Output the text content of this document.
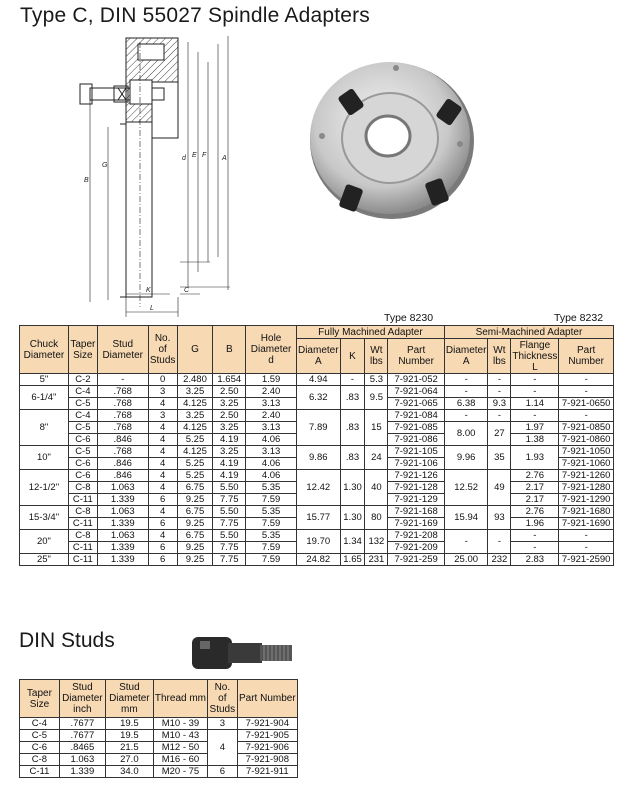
Type C, DIN 55027 Spindle Adapters
B
G
d E F A
K	C
L
Type 8230	Type 8232
Chuck Diameter	Taper Size	Stud Diameter	No. of Studs	G	B	Hole Diameter d	Fully Machined Adapter				Semi-Machined Adapter			
							Diameter A	K	Wt lbs	Part Number	Diameter A	Wt lbs	Flange Thickness L	Part Number
5"	C-2	-	0	2.480	1.654	1.59	4.94	-	5.3	7-921-052	-	-	-	-
6-1/4"	C-4	.768	3	3.25	2.50	2.40	6.32	.83	9.5	7-921-064	-	-	-	-
	C-5	.768	4	4.125	3.25	3.13				7-921-065	6.38	9.3	1.14	7-921-0650
8"	C-4	.768	3	3.25	2.50	2.40	7.89	.83	15	7-921-084	-	-	-	-
	C-5	.768	4	4.125	3.25	3.13				7-921-085	8.00	27	1.97	7-921-0850
	C-6	.846	4	5.25	4.19	4.06				7-921-086			1.38	7-921-0860
10"	C-5	.768	4	4.125	3.25	3.13	9.86	.83	24	7-921-105	9.96	35	1.93	7-921-1050
	C-6	.846	4	5.25	4.19	4.06				7-921-106				7-921-1060
12-1/2"	C-6	.846	4	5.25	4.19	4.06	12.42	1.30	40	7-921-126	12.52	49	2.76	7-921-1260
	C-8	1.063	4	6.75	5.50	5.35				7-921-128			2.17	7-921-1280
	C-11	1.339	6	9.25	7.75	7.59				7-921-129			2.17	7-921-1290
15-3/4"	C-8	1.063	4	6.75	5.50	5.35	15.77	1.30	80	7-921-168	15.94	93	2.76	7-921-1680
	C-11	1.339	6	9.25	7.75	7.59				7-921-169			1.96	7-921-1690
20"	C-8	1.063	4	6.75	5.50	5.35	19.70	1.34	132	7-921-208	-	-	-	-
	C-11	1.339	6	9.25	7.75	7.59				7-921-209			-	-
25"	C-11	1.339	6	9.25	7.75	7.59	24.82	1.65	231	7-921-259	25.00	232	2.83	7-921-2590
DIN Studs
Taper Size	Stud Diameter inch	Stud Diameter mm	Thread mm	No. of Studs	Part Number
C-4	.7677	19.5	M10 - 39	3	7-921-904
C-5	.7677	19.5	M10 - 43	4	7-921-905
C-6	.8465	21.5	M12 - 50		7-921-906
C-8	1.063	27.0	M16 - 60		7-921-908
C-11	1.339	34.0	M20 - 75	6	7-921-911
